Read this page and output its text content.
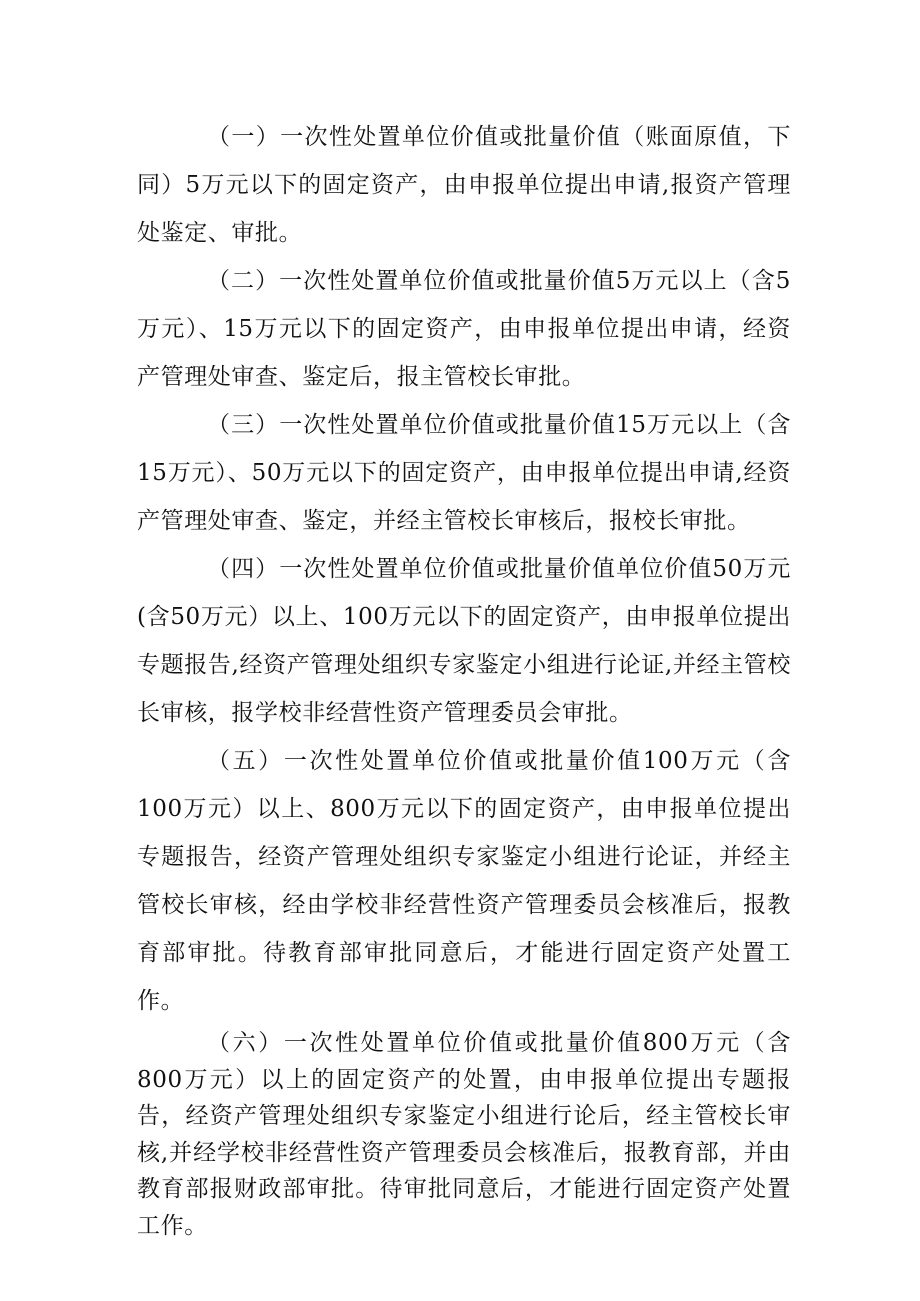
（一）一次性处置单位价值或批量价值（账面原值，下同）5万元以下的固定资产，由申报单位提出申请,报资产管理处鉴定、审批。

（二）一次性处置单位价值或批量价值5万元以上（含5万元）、15万元以下的固定资产，由申报单位提出申请，经资产管理处审查、鉴定后，报主管校长审批。

（三）一次性处置单位价值或批量价值15万元以上（含15万元）、50万元以下的固定资产，由申报单位提出申请,经资产管理处审查、鉴定，并经主管校长审核后，报校长审批。

（四）一次性处置单位价值或批量价值单位价值50万元(含50万元）以上、100万元以下的固定资产，由申报单位提出专题报告,经资产管理处组织专家鉴定小组进行论证,并经主管校长审核，报学校非经营性资产管理委员会审批。

（五）一次性处置单位价值或批量价值100万元（含100万元）以上、800万元以下的固定资产，由申报单位提出专题报告，经资产管理处组织专家鉴定小组进行论证，并经主管校长审核，经由学校非经营性资产管理委员会核准后，报教育部审批。待教育部审批同意后，才能进行固定资产处置工作。

（六）一次性处置单位价值或批量价值800万元（含800万元）以上的固定资产的处置，由申报单位提出专题报告，经资产管理处组织专家鉴定小组进行论后，经主管校长审核,并经学校非经营性资产管理委员会核准后，报教育部，并由教育部报财政部审批。待审批同意后，才能进行固定资产处置工作。
